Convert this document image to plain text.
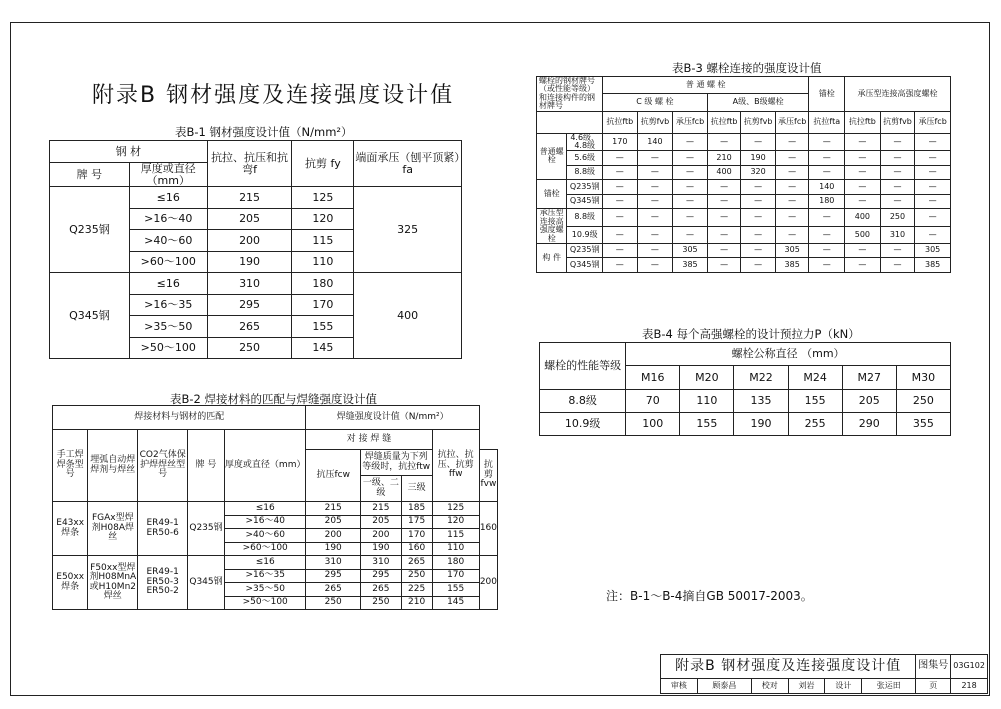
附录B 钢材强度及连接强度设计值
表B-1 钢材强度设计值（N/mm²）
钢 材		抗拉、抗压和抗弯f	抗剪 fy	端面承压（刨平顶紧）fa
牌 号	厚度或直径（mm）			
Q235钢	≤16	215	125	325
	>16～40	205	120	
	>40～60	200	115	
	>60～100	190	110	
Q345钢	≤16	310	180	400
	>16～35	295	170	
	>35～50	265	155	
	>50～100	250	145	
表B-2 焊接材料的匹配与焊缝强度设计值
焊接材料与钢材的匹配					焊缝强度设计值（N/mm²）				
手工焊焊条型号	埋弧自动焊焊剂与焊丝	CO2气体保护焊焊丝型号	牌 号	厚度或直径（mm）	对 接 焊 缝			抗拉、抗压、抗剪ffw	
					抗压fcw	焊缝质量为下列等级时，抗拉ftw			抗剪fvw
						一级、二级	三级		
E43xx焊条	FGAx型焊剂H08A焊丝	ER49-1 ER50-6	Q235钢	≤16	215	215	185	125	160
				>16～40	205	205	175	120	
				>40～60	200	200	170	115	
				>60～100	190	190	160	110	
E50xx焊条	F50xx型焊剂H08MnA或H10Mn2焊丝	ER49-1 ER50-3 ER50-2	Q345钢	≤16	310	310	265	180	200
				>16～35	295	295	250	170	
				>35～50	265	265	225	155	
				>50～100	250	250	210	145	
表B-3 螺栓连接的强度设计值
螺栓的钢材牌号（或性能等级）和连接构件的钢材牌号		普 通 螺 栓						锚栓	承压型连接高强度螺栓		
		C 级 螺 栓			A级、B级螺栓						
		抗拉ftb	抗剪fvb	承压fcb	抗拉ftb	抗剪fvb	承压fcb	抗拉fta	抗拉ftb	抗剪fvb	承压fcb
普通螺栓	4.6级、4.8级	170	140	—	—	—	—	—	—	—	—
	5.6级	—	—	—	210	190	—	—	—	—	—
	8.8级	—	—	—	400	320	—	—	—	—	—
锚栓	Q235钢	—	—	—	—	—	—	140	—	—	—
	Q345钢	—	—	—	—	—	—	180	—	—	—
承压型连接高强度螺栓	8.8级	—	—	—	—	—	—	—	400	250	—
	10.9级	—	—	—	—	—	—	—	500	310	—
构 件	Q235钢	—	—	305	—	—	305	—	—	—	305
	Q345钢	—	—	385	—	—	385	—	—	—	385
表B-4 每个高强螺栓的设计预拉力P（kN）
螺栓的性能等级	螺栓公称直径 （mm）					
	M16	M20	M22	M24	M27	M30
8.8级	70	110	135	155	205	250
10.9级	100	155	190	255	290	355
注：B-1～B-4摘自GB 50017-2003。
附录B 钢材强度及连接强度设计值						图集号	03G102
审核	顾泰昌	校对	刘岩	设计	张运田	页	218
